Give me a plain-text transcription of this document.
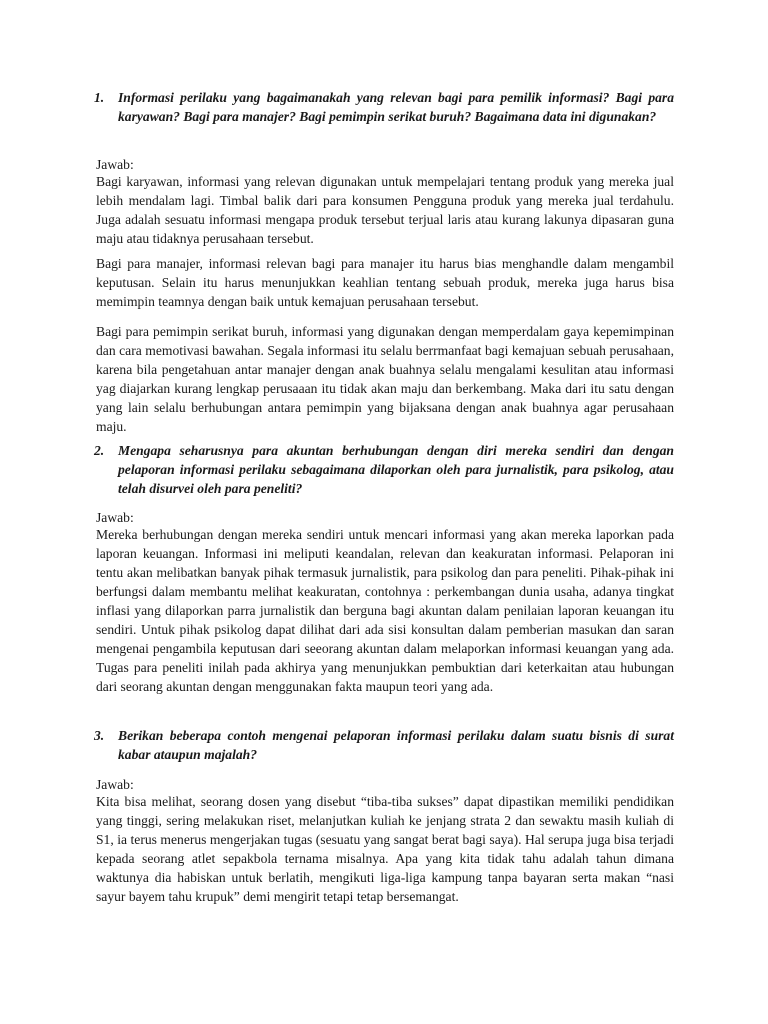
1. Informasi perilaku yang bagaimanakah yang relevan bagi para pemilik informasi? Bagi para karyawan? Bagi para manajer? Bagi pemimpin serikat buruh? Bagaimana data ini digunakan?
Jawab:
Bagi karyawan, informasi yang relevan digunakan untuk mempelajari tentang produk yang mereka jual lebih mendalam lagi. Timbal balik dari para konsumen Pengguna produk yang mereka jual terdahulu. Juga adalah sesuatu informasi mengapa produk tersebut terjual laris atau kurang lakunya dipasaran guna maju atau tidaknya perusahaan tersebut.
Bagi para manajer, informasi relevan bagi para manajer itu harus bias menghandle dalam mengambil keputusan. Selain itu harus menunjukkan keahlian tentang sebuah produk, mereka juga harus bisa memimpin teamnya dengan baik untuk kemajuan perusahaan tersebut.
Bagi para pemimpin serikat buruh, informasi yang digunakan dengan memperdalam gaya kepemimpinan dan cara memotivasi bawahan. Segala informasi itu selalu berrmanfaat bagi kemajuan sebuah perusahaan, karena bila pengetahuan antar manajer dengan anak buahnya selalu mengalami kesulitan atau informasi yag diajarkan kurang lengkap perusaaan itu tidak akan maju dan berkembang. Maka dari itu satu dengan yang lain selalu berhubungan antara pemimpin yang bijaksana dengan anak buahnya agar perusahaan maju.
2. Mengapa seharusnya para akuntan berhubungan dengan diri mereka sendiri dan dengan pelaporan informasi perilaku sebagaimana dilaporkan oleh para jurnalistik, para psikolog, atau telah disurvei oleh para peneliti?
Jawab:
Mereka berhubungan dengan mereka sendiri untuk mencari informasi yang akan mereka laporkan pada laporan keuangan. Informasi ini meliputi keandalan, relevan dan keakuratan informasi. Pelaporan ini tentu akan melibatkan banyak pihak termasuk jurnalistik, para psikolog dan para peneliti. Pihak-pihak ini berfungsi dalam membantu melihat keakuratan, contohnya : perkembangan dunia usaha, adanya tingkat inflasi yang dilaporkan parra jurnalistik dan berguna bagi akuntan dalam penilaian laporan keuangan itu sendiri. Untuk pihak psikolog dapat dilihat dari ada sisi konsultan dalam pemberian masukan dan saran mengenai pengambila keputusan dari seeorang akuntan dalam melaporkan informasi keuangan yang ada. Tugas para peneliti inilah pada akhirya yang menunjukkan pembuktian dari keterkaitan atau hubungan dari seorang akuntan dengan menggunakan fakta maupun teori yang ada.
3. Berikan beberapa contoh mengenai pelaporan informasi perilaku dalam suatu bisnis di surat kabar ataupun majalah?
Jawab:
Kita bisa melihat, seorang dosen yang disebut “tiba-tiba sukses” dapat dipastikan memiliki pendidikan yang tinggi, sering melakukan riset, melanjutkan kuliah ke jenjang strata 2 dan sewaktu masih kuliah di S1, ia terus menerus mengerjakan tugas (sesuatu yang sangat berat bagi saya). Hal serupa juga bisa terjadi kepada seorang atlet sepakbola ternama misalnya. Apa yang kita tidak tahu adalah tahun dimana waktunya dia habiskan untuk berlatih, mengikuti liga-liga kampung tanpa bayaran serta makan “nasi sayur bayem tahu krupuk” demi mengirit tetapi tetap bersemangat.
